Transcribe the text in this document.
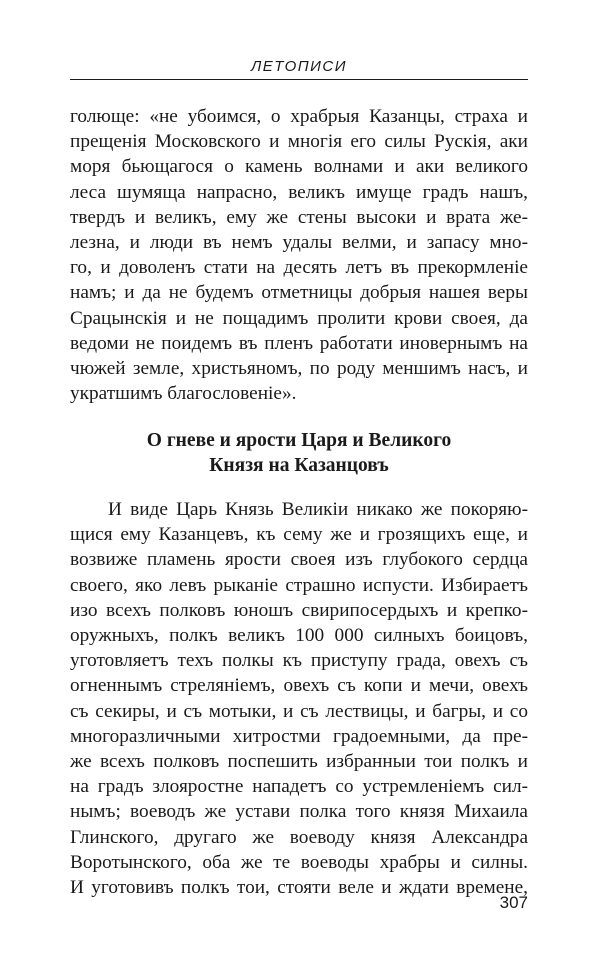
ЛЕТОПИСИ
голюще: «не убоимся, о храбрыя Казанцы, страха и
прещенія Московского и многія его силы Рускія, аки
моря бьющагося о камень волнами и аки великого
леса шумяща напрасно, великъ имуще градъ нашъ,
твердъ и великъ, ему же стены высоки и врата же-
лезна, и люди въ немъ удалы велми, и запасу мно-
го, и доволенъ стати на десять летъ въ прекормленіе
намъ; и да не будемъ отметницы добрыя нашея веры
Срацынскія и не пощадимъ пролити крови своея, да
ведоми не поидемъ въ пленъ работати иновернымъ на
чюжей земле, христьяномъ, по роду меншимъ насъ, и
укратшимъ благословеніе».
О гневе и ярости Царя и Великого
Князя на Казанцовъ
И виде Царь Князь Великіи никако же покоряю-
щися ему Казанцевъ, къ сему же и грозящихъ еще, и
возвиже пламень ярости своея изъ глубокого сердца
своего, яко левъ рыканіе страшно испусти. Избираетъ
изо всехъ полковъ юношъ свирипосердыхъ и крепко-
оружныхъ, полкъ великъ 100 000 силныхъ боицовъ,
уготовляетъ техъ полкы къ приступу града, овехъ съ
огненнымъ стреляніемъ, овехъ съ копи и мечи, овехъ
съ секиры, и съ мотыки, и съ лествицы, и багры, и со
многоразличными хитростми градоемными, да пре-
же всехъ полковъ поспешить избранныи тои полкъ и
на градъ злояростне нападетъ со устремленіемъ сил-
нымъ; воеводъ же устави полка того князя Михаила
Глинского, другаго же воеводу князя Александра
Воротынского, оба же те воеводы храбры и силны.
И уготовивъ полкъ тои, стояти веле и ждати времене,
307
